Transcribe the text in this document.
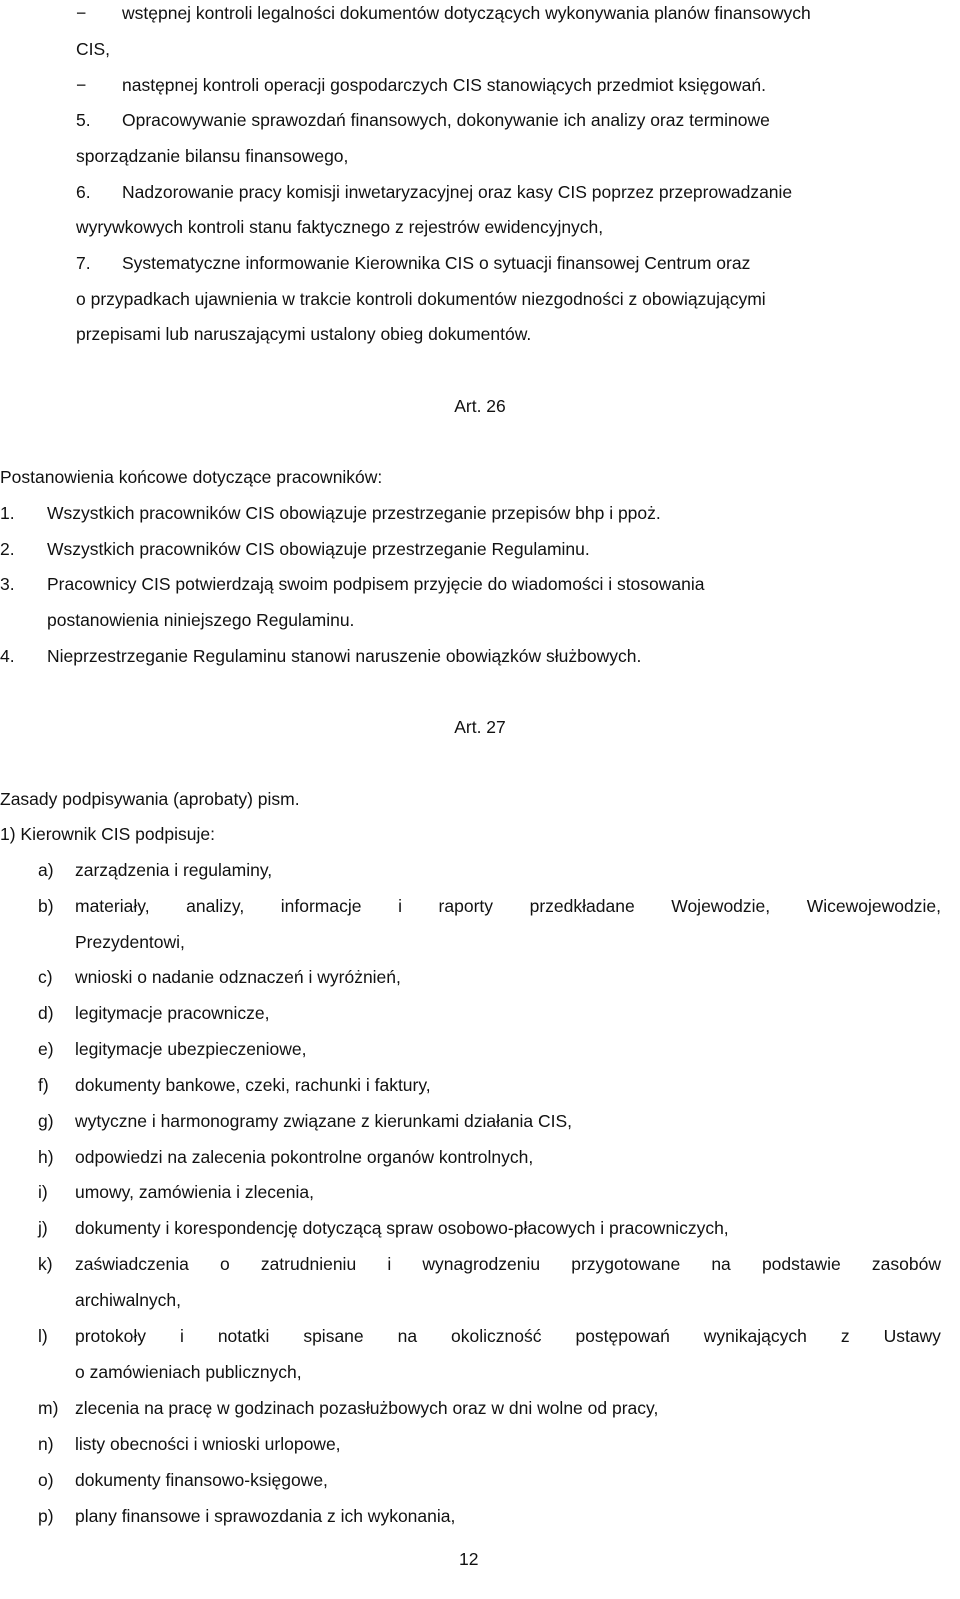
− wstępnej kontroli legalności dokumentów dotyczących wykonywania planów finansowych
CIS,
− następnej kontroli operacji gospodarczych CIS stanowiących przedmiot księgowań.
5. Opracowywanie sprawozdań finansowych, dokonywanie ich analizy oraz terminowe
sporządzanie bilansu finansowego,
6. Nadzorowanie pracy komisji inwetaryzacyjnej oraz kasy CIS poprzez przeprowadzanie
wyrywkowych kontroli stanu faktycznego z rejestrów ewidencyjnych,
7. Systematyczne informowanie Kierownika CIS o sytuacji finansowej Centrum oraz
o przypadkach ujawnienia w trakcie kontroli dokumentów niezgodności z obowiązującymi
przepisami lub naruszającymi ustalony obieg dokumentów.
Art. 26
Postanowienia końcowe dotyczące pracowników:
1. Wszystkich pracowników CIS obowiązuje przestrzeganie przepisów bhp i ppoż.
2. Wszystkich pracowników CIS obowiązuje przestrzeganie Regulaminu.
3. Pracownicy CIS potwierdzają swoim podpisem przyjęcie do wiadomości i stosowania
postanowienia niniejszego Regulaminu.
4. Nieprzestrzeganie Regulaminu stanowi naruszenie obowiązków służbowych.
Art. 27
Zasady podpisywania (aprobaty) pism.
1) Kierownik CIS podpisuje:
a) zarządzenia i regulaminy,
b) materiały, analizy, informacje i raporty przedkładane Wojewodzie, Wicewojewodzie,
Prezydentowi,
c) wnioski o nadanie odznaczeń i wyróżnień,
d) legitymacje pracownicze,
e) legitymacje ubezpieczeniowe,
f) dokumenty bankowe, czeki, rachunki i faktury,
g) wytyczne i harmonogramy związane z kierunkami działania CIS,
h) odpowiedzi na zalecenia pokontrolne organów kontrolnych,
i) umowy, zamówienia i zlecenia,
j) dokumenty i korespondencję dotyczącą spraw osobowo-płacowych i pracowniczych,
k) zaświadczenia o zatrudnieniu i wynagrodzeniu przygotowane na podstawie zasobów
archiwalnych,
l) protokoły i notatki spisane na okoliczność postępowań wynikających z Ustawy
o zamówieniach publicznych,
m) zlecenia na pracę w godzinach pozasłużbowych oraz w dni wolne od pracy,
n) listy obecności i wnioski urlopowe,
o) dokumenty finansowo-księgowe,
p) plany finansowe i sprawozdania z ich wykonania,
12
